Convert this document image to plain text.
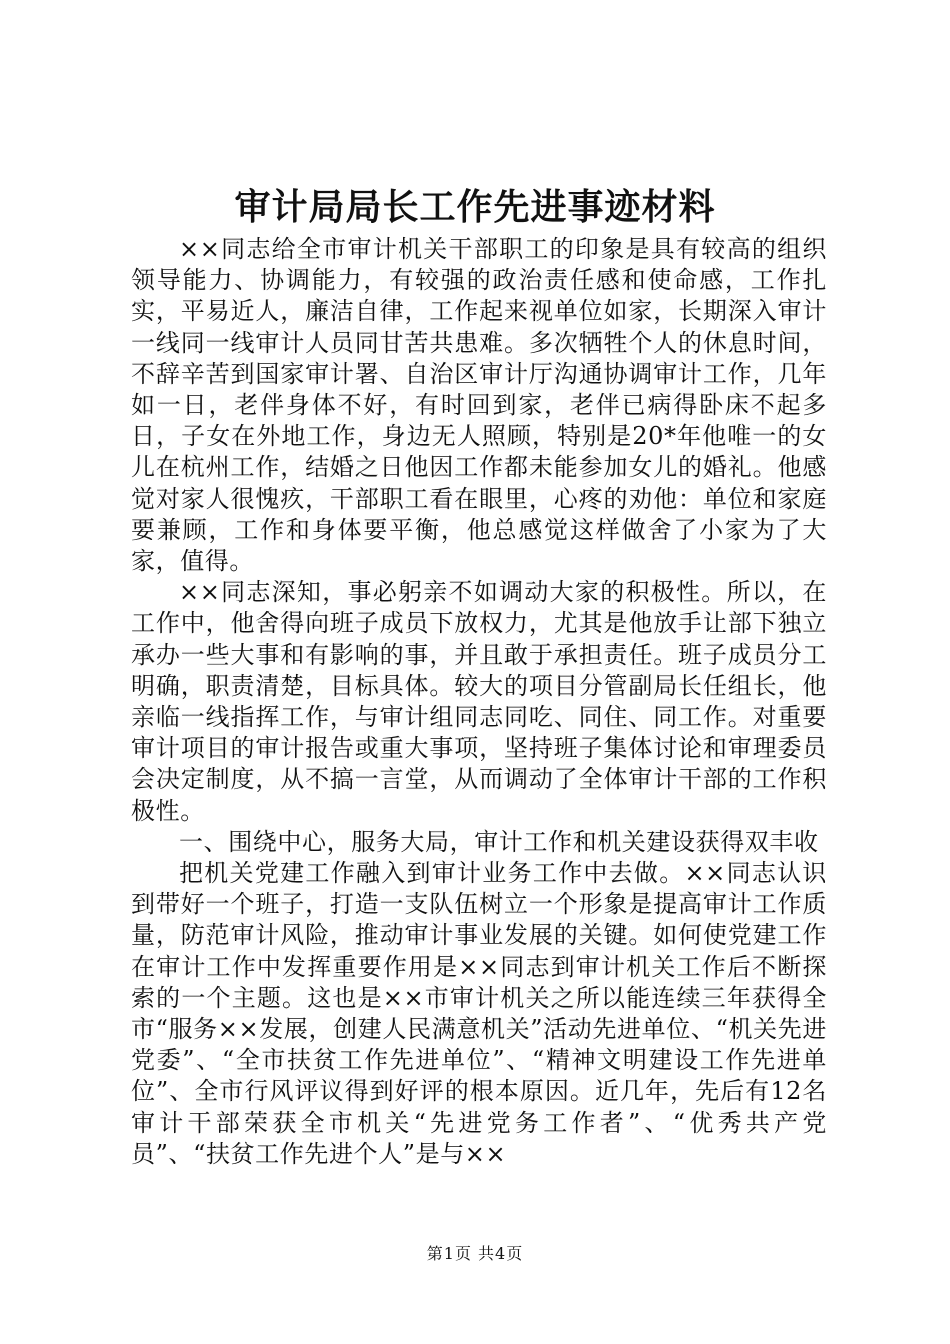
审计局局长工作先进事迹材料

××同志给全市审计机关干部职工的印象是具有较高的组织领导能力、协调能力，有较强的政治责任感和使命感，工作扎实，平易近人，廉洁自律，工作起来视单位如家，长期深入审计一线同一线审计人员同甘苦共患难。多次牺牲个人的休息时间，不辞辛苦到国家审计署、自治区审计厅沟通协调审计工作，几年如一日，老伴身体不好，有时回到家，老伴已病得卧床不起多日，子女在外地工作，身边无人照顾，特别是20*年他唯一的女儿在杭州工作，结婚之日他因工作都未能参加女儿的婚礼。他感觉对家人很愧疚，干部职工看在眼里，心疼的劝他：单位和家庭要兼顾，工作和身体要平衡，他总感觉这样做舍了小家为了大家，值得。

××同志深知，事必躬亲不如调动大家的积极性。所以，在工作中，他舍得向班子成员下放权力，尤其是他放手让部下独立承办一些大事和有影响的事，并且敢于承担责任。班子成员分工明确，职责清楚，目标具体。较大的项目分管副局长任组长，他亲临一线指挥工作，与审计组同志同吃、同住、同工作。对重要审计项目的审计报告或重大事项，坚持班子集体讨论和审理委员会决定制度，从不搞一言堂，从而调动了全体审计干部的工作积极性。

一、围绕中心，服务大局，审计工作和机关建设获得双丰收

把机关党建工作融入到审计业务工作中去做。××同志认识到带好一个班子，打造一支队伍树立一个形象是提高审计工作质量，防范审计风险，推动审计事业发展的关键。如何使党建工作在审计工作中发挥重要作用是××同志到审计机关工作后不断探索的一个主题。这也是××市审计机关之所以能连续三年获得全市“服务××发展，创建人民满意机关”活动先进单位、“机关先进党委”、“全市扶贫工作先进单位”、“精神文明建设工作先进单位”、全市行风评议得到好评的根本原因。近几年，先后有12名审计干部荣获全市机关“先进党务工作者”、“优秀共产党员”、“扶贫工作先进个人”是与××

第1页 共4页
